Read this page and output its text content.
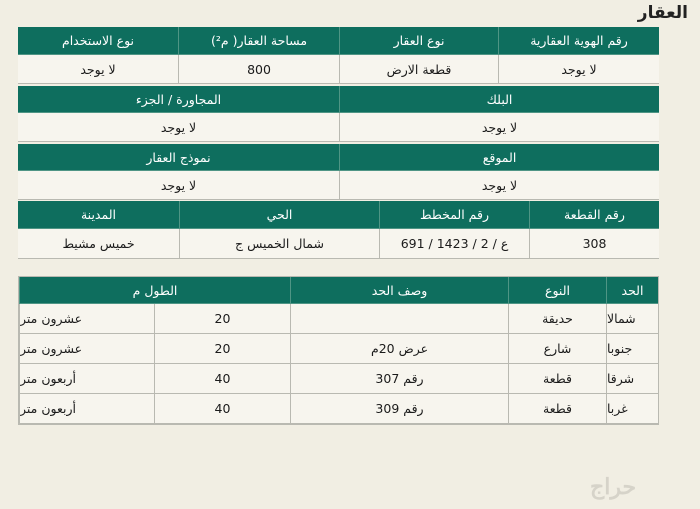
العقار
رقم الهوية العقارية
نوع العقار
مساحة العقار( م²)
نوع الاستخدام
لا يوجد
قطعة الارض
800
لا يوجد
البلك
المجاورة / الجزء
لا يوجد
لا يوجد
الموقع
نموذج العقار
لا يوجد
لا يوجد
رقم القطعة
رقم المخطط
الحي
المدينة
308
691 / 1423 / ع / 2
شمال الخميس ج
خميس مشيط
الحد
النوع
وصف الحد
الطول م
شمالا
حديقة
20
عشرون متر
جنوبا
شارع
عرض 20م
20
عشرون متر
شرقا
قطعة
رقم 307
40
أربعون متر
غربا
قطعة
رقم 309
40
أربعون متر
حراج
